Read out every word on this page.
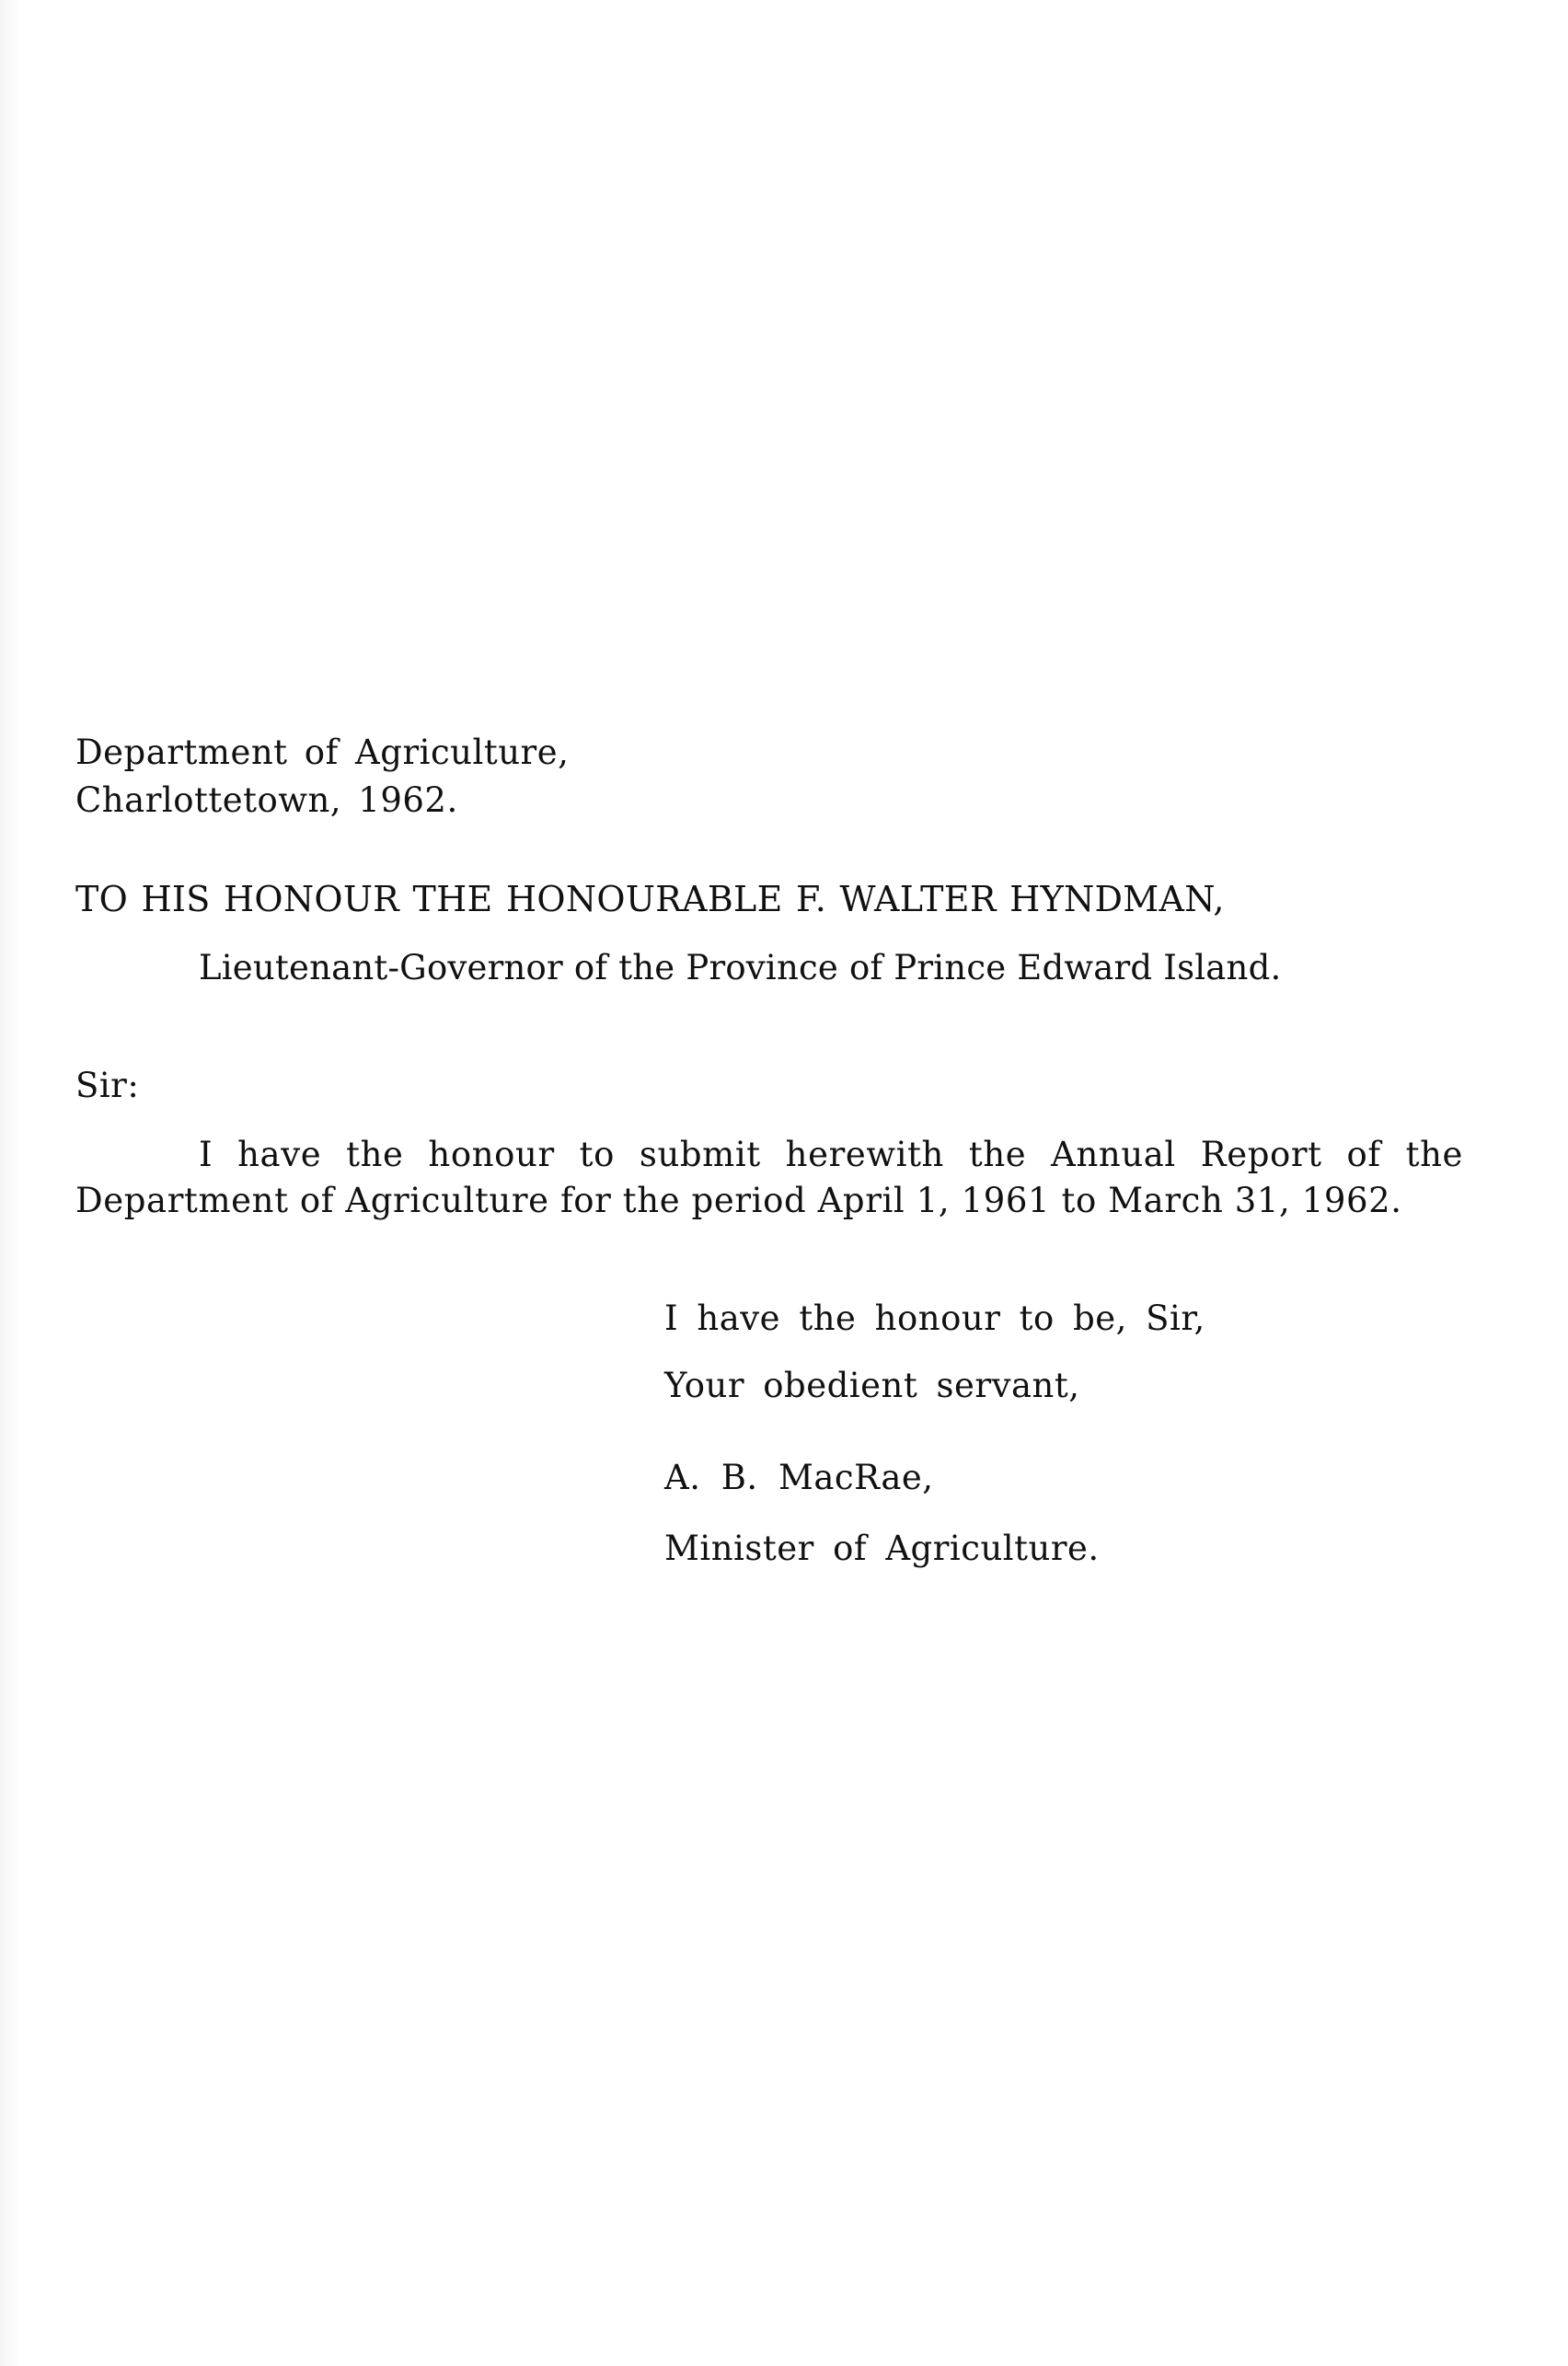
Department of Agriculture,
Charlottetown, 1962.
TO HIS HONOUR THE HONOURABLE F. WALTER HYNDMAN,
Lieutenant-Governor of the Province of Prince Edward Island.
Sir:
I have the honour to submit herewith the Annual Report of the Department of Agriculture for the period April 1, 1961 to March 31, 1962.
I have the honour to be, Sir,
Your obedient servant,
A. B. MacRae,
Minister of Agriculture.
